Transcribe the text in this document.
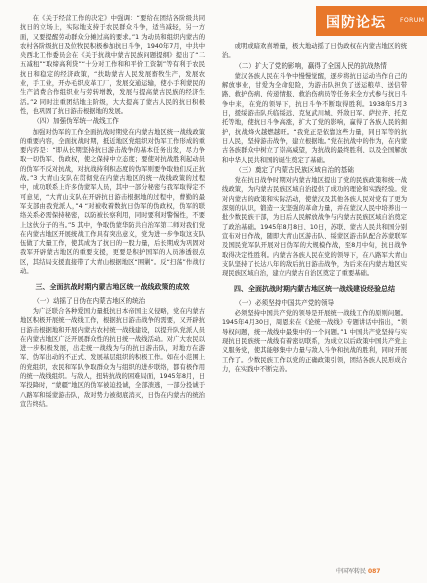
国防论坛 FORUM

在《关于经营工作的决定》中强调：“要给在团结各阶级共同抗日的立场上，实际地支持于农民群众斗争，适当减轻，另一方面，又要提醒劳动群众分摊过高的要求。”1 为动员和组织内蒙古的农村各阶级抗日及位牧民积极参加抗日斗争，1940年7月，中共中央西北工作委员会在《关于抗战中蒙古民族问题提纲》提出了“二五减租”“取缔高利贷”“十分对工作和和平价工资制”等有利于农民抗日和稳定的经济政策，“扶助蒙古人民发展畜牧生产，发展农业，手工业，开办毛织皮革工厂，发展交通运输，使小手利蒙民的生产消费合作组织业与劳转增教，发展与提高蒙古民族的经济生活。”2 同时注重团结地主阶级，大大提高了蒙古人民的抗日积极性，也巩固了抗日游击根据地的发展。

（四）加强伪军统一战线工作

加强对伪军的工作全面抗战时期党在内蒙古地区统一战线政策的重要内容，全面抗战时期，抵近地区党组织对伪军工作形成的重要内容是：“即从长期坚持抗日游击战争的基本任务出发，尽力争取一切伪军、伪政权，使之保持中立态度；要使对抗战胜利起动员的伪军不反对抗战，对抗战持利积态度的伪军则要争取他们反正抗战。”3 大青山支队在贯彻党在内蒙古地区的统一战线政策的过程中，成功联系上许多伪蒙军人员，其中一部分秘密与我军取得定不可意见，“大青山支队在开辟抗日游击根据地的过程中，曹勤的最军支部由我党派人，”4 “对被收着数抗日伪军的伪政权，伪军的联络关系必需保持秘密，以防被长察利用，同时要利对警惕性，不要上这伙分子的当。”5 其中，争取伪蒙华防共自治军第二师对我们党在内蒙古地区开展统战工作具有突出意义，党为进一步争取这支队伍做了大量工作，使其成为了抗日的一股力量，后长期成为巩固对我军开辟蒙古地区的重要支援，更要是积护国军的人员渗透很点区，其结局支援直接带了大青山根据地区“围剿”。反“扫荡”作战行动。

三、全面抗战时期内蒙古地区统一战线政策的成效
（一）动摇了日伪在内蒙古地区的统治

为广泛联合各种爱国力量抵抗日本帝国主义侵略，党在内蒙古地区积极开展统一战线工作，根据抗日游击战争的需要，又开辟抗日游击根据地和开展内蒙古农村统一战线建设，以提升队党派人员在内蒙古地区广泛开展群众性的抗日统一战线活动。对广大农民以进一步积极发展，出走统一战线为与的抗日游击队，对地方在游军、伪军出动的不正式、发展基层组织的积极工作。如在小范围上的党组织，农民和军队争取群众为与组织的进步联络，都有极作用的统一战线组织。与敌人，扭转抗战的困难局面，1945年8月，日军投降时，“蒙疆”地区的伪军被迫投诚，全部溃逃，一部分投诚于八路军和绥蒙游击队，敌对势力被彻底消灭，日伪在内蒙古的统治宣告终结。

或明或暗欢喜增量，极大地动摇了日伪政权在内蒙古地区的统治。

（二）扩大了党的影响，赢得了全国人民的抗战热情

蒙汉各族人民在斗争中慢慢觉醒，逐步将抗日运动当作自己的解放事业，甘爱为全命犯险，为游击队担负了送运粮草、送信带路、救护伤病、传递情报、救治伤病员等任务来全方式参与抗日斗争中来，在党的领导下，抗日斗争不断取得胜利。1938年5月3日，援绥游击队兵临绥远、克复武川城、歼敌日军、萨拉齐、托克托等地，使抗日斗争高涨，扩大了党的影响，赢得了各族人民的拥护，抗战烽火越燃越旺。“我党正是依靠这些力量，同日军等的抗日人民，坚持游击战争，建立根据地。”党在抗战中的作为，在内蒙古各族群众中树立了崇高威望，为抗战的最终胜利、以及全国解放和中华人民共和国的诞生奠定了基础。

（三）奠定了内蒙古民族区域自治的基础

党在抗日战争时期对内蒙古地区提出了党的民族政策和统一战线政策，为内蒙古民族区域自治提供了成功的理论和实践经验。党对内蒙古的政策和实际活动，使蒙汉及其他各族人民对党有了更为深刻的认识，锻造一支坚强的革命力量，并在蒙汉人民中培养出一批少数民族干部，为日后人民解放战争与内蒙古民族区域自治奠定了政治基础。1945年8月8日、10日，苏联、蒙古人民共和国分别宣布对日作战，随即大青山区游击队、绥蒙区游击队配合苏蒙联军及国民党军队开展对日伪军的大规模作战，至8月中旬，抗日战争取得决定性胜利。内蒙古各族人民在党的领导下，在八路军大青山支队坚持了长达八年的敌后抗日游击战争，为后来在内蒙古地区实现民族区域自治，建立内蒙古自治区奠定了重要基础。

四、全面抗战时期内蒙古地区统一战线建设经验总结
（一）必须坚持中国共产党的领导

必须坚持中国共产党的领导是开展统一战线工作的原则问题。1945年4月30日，周恩来在《论统一战线》专题讲话中指出，“领导权问题，统一战线中最集中的一个问题。”1 中国共产党坚持与实现抗日民族统一战线有着密切联系，为成立以后政策中国共产党主义服务党，使其能够集中力量与敌人斗争和抗战的胜利，同时开展工作了。少数民族工作以党的正确政策引领，团结各族人民形成合力，在实践中不断完善。

中国军转民 087
